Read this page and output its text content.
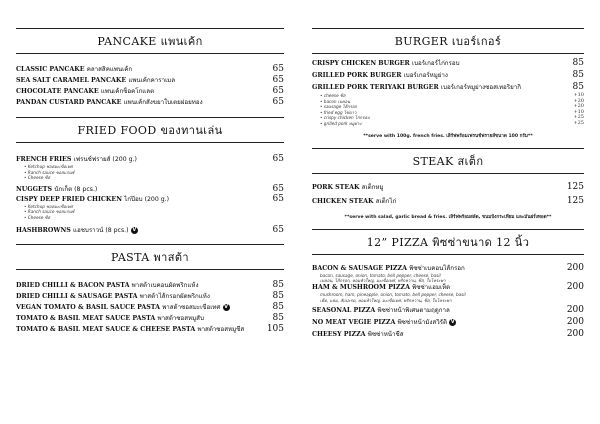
PANCAKE แพนเค้ก
CLASSIC PANCAKE คลาสสิคแพนเค้ก	65
SEA SALT CARAMEL PANCAKE แพนเค้กคาราเมล	65
CHOCOLATE PANCAKE แพนเค้กช็อคโกแลต	65
PANDAN CUSTARD PANCAKE แพนเค้กสังขยาใบเตยฝอยทอง	65
FRIED FOOD ของทานเล่น
FRENCH FRIES เฟรนช์ฟรายส์ (200 g.)	65
• Ketchup ซอสมะเขือเทศ
• Ranch sauce ซอสแรนช์
• Cheese ชีส
NUGGETS นักเก็ต (8 pcs.)	65
CISPY DEEP FRIED CHICKEN ไก่ป๊อบ (200 g.)	65
• Ketchup ซอสมะเขือเทศ
• Ranch sauce ซอสแรนช์
• Cheese ชีส
HASHBROWNS แฮชบราวน์ (8 pcs.) V	65
PASTA พาสต้า
DRIED CHILLI & BACON PASTA พาสต้าเบคอนผัดพริกแห้ง	85
DRIED CHILLI & SAUSAGE PASTA พาสต้าไส้กรอกผัดพริกแห้ง	85
VEGAN TOMATO & BASIL SAUCE PASTA พาสต้าซอสมะเขือเทศ V	85
TOMATO & BASIL MEAT SAUCE PASTA พาสต้าซอสหมูสับ	85
TOMATO & BASIL MEAT SAUCE & CHEESE PASTA พาสต้าซอสหมูชีส	105
BURGER เบอร์เกอร์
CRISPY CHICKEN BURGER เบอร์เกอร์ไก่กรอบ	85
GRILLED PORK BURGER เบอร์เกอร์หมูย่าง	85
GRILLED PORK TERIYAKI BURGER เบอร์เกอร์หมูย่างซอสเทอริยากิ	85
• cheese ชีส	+10
• bacon เบคอน	+20
• sausage ไส้กรอก	+20
• fried egg ไข่ดาว	+10
• crispy chicken ไก่กรอบ	+25
• grilled pork หมูย่าง	+25
**serve with 100g. french fries. เสิร์ฟพร้อมเฟรนช์ฟรายส์ขนาด 100 กรัม**
STEAK สเต็ก
PORK STEAK สเต็กหมู	125
CHICKEN STEAK สเต็กไก่	125
**serve with salad, garlic bread & fries. เสิร์ฟพร้อมสลัด, ขนมปังกระเทียม และมันฝรั่งทอด**
12” PIZZA พิซซ่าขนาด 12 นิ้ว
BACON & SAUSAGE PIZZA พิซซ่าเบคอนไส้กรอก	200
bacon, sausage, onion, tomato, bell pepper, cheese, basil
เบคอน, ไส้กรอก, หอมหัวใหญ่, มะเขือเทศ, พริกหวาน, ชีส, ใบโหระพา
HAM & MUSHROOM PIZZA พิซซ่าแฮมเห็ด	200
mushroom, ham, pineapple, onion, tomato, bell pepper, cheese, basil
เห็ด, แฮม, สับปะรด, หอมหัวใหญ่, มะเขือเทศ, พริกหวาน, ชีส, ใบโหระพา
SEASONAL PIZZA พิซซ่าหน้าพิเศษตามฤดูกาล	200
NO MEAT VEGIE PIZZA พิซซ่าหน้ามังสวิรัติ V	200
CHEESY PIZZA พิซซ่าหน้าชีส	200
